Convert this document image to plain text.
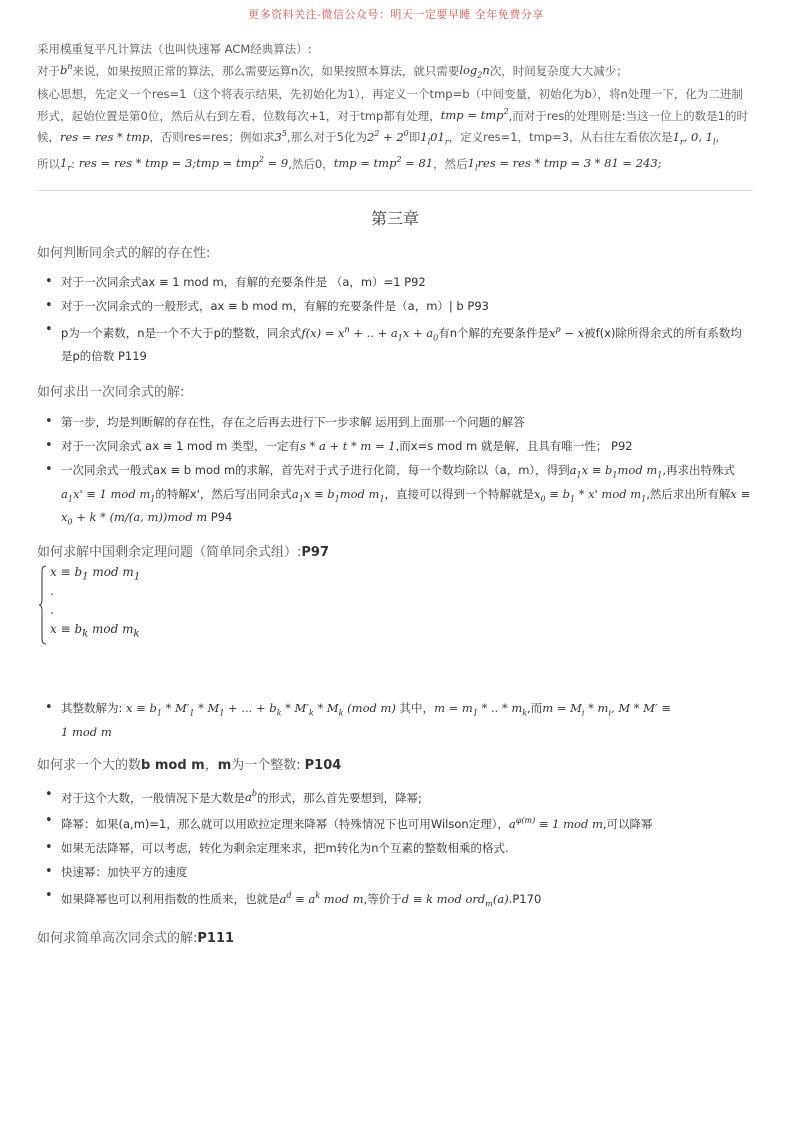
更多资料关注-微信公众号：明天一定要早睡 全年免费分享

采用模重复平凡计算法（也叫快速幂 ACM经典算法）:

对于$b^n$来说，如果按照正常的算法，那么需要运算n次，如果按照本算法，就只需要$\log_2n$次，时间复杂度大大减少；

核心思想，先定义一个res=1（这个将表示结果，先初始化为1），再定义一个tmp=b（中间变量，初始化为b），将n处理一下，化为二进制形式，起始位置是第0位，然后从右到左看，位数每次+1，对于tmp都有处理，tmp = tmp$^2$,而对于res的处理则是:当这一位上的数是1的时候，res = res * tmp，否则res=res；例如求$3^5$,那么对于5化为$2^2 + 2^0$即$1_l01_r$，定义res=1，tmp=3，从右往左看依次是$1_r$, 0, $1_l$,

所以$1_r$: res = res * tmp = 3;tmp = tmp$^2$ = 9,然后0，tmp = tmp$^2$ = 81，然后$1_lres$ = res * tmp = 3 * 81 = 243;

第三章

如何判断同余式的解的存在性:

• 对于一次同余式ax ≡ 1 mod m，有解的充要条件是 （a，m）=1 P92
• 对于一次同余式的一般形式，ax ≡ b mod m，有解的充要条件是（a，m）| b P93
• p为一个素数，n是一个不大于p的整数，同余式$f(x) = x^n$ + .. + $a_1x + a_0$有n个解的充要条件是$x^p - x$被f(x)除所得余式的所有系数均是p的倍数 P119

如何求出一次同余式的解:

• 第一步，均是判断解的存在性，存在之后再去进行下一步求解 运用到上面那一个问题的解答
• 对于一次同余式 ax ≡ 1 mod m 类型，一定有s * a + t * m = 1,而x=s mod m 就是解，且具有唯一性； P92
• 一次同余式一般式ax ≡ b mod m的求解，首先对于式子进行化简，每一个数均除以（a，m），得到$a_1x \equiv b_1mod$ $m_1$,再求出特殊式$a_1x' \equiv 1$ mod $m_1$的特解x'，然后写出同余式$a_1x \equiv b_1mod$ $m_1$，直接可以得到一个特解就是$x_0 \equiv b_1 * x'$ mod $m_1$,然后求出所有解$x \equiv x_0 + k * (m/(a$, m))mod m P94

如何求解中国剩余定理问题（简单同余式组）:P97

$x \equiv b_1$ mod $m_1$
.
.
$x \equiv b_k$ mod $m_k$
• 其整数解为: $x \equiv b_1 * M'_1 * M_1$ + ... + $b_k * M'_k * M_k$ (mod m) 其中，$m = m_1$ * .. * $m_k$,而$m = M_i * m_i$, M * M′ ≡
1 mod m

如何求一个大的数b mod m，m为一个整数: P104

• 对于这个大数，一般情况下是大数是$a^b$的形式，那么首先要想到，降幂;
• 降幂：如果(a,m)=1，那么就可以用欧拉定理来降幂（特殊情况下也可用Wilson定理），$a^{\varphi(m)} \equiv 1$ mod m,可以降幂
• 如果无法降幂，可以考虑，转化为剩余定理来求，把m转化为n个互素的整数相乘的格式.
• 快速幂：加快平方的速度
• 如果降幂也可以利用指数的性质来，也就是$a^d \equiv a^k$ mod m,等价于d ≡ k mod ord$_m$(a).P170

如何求简单高次同余式的解:P111
